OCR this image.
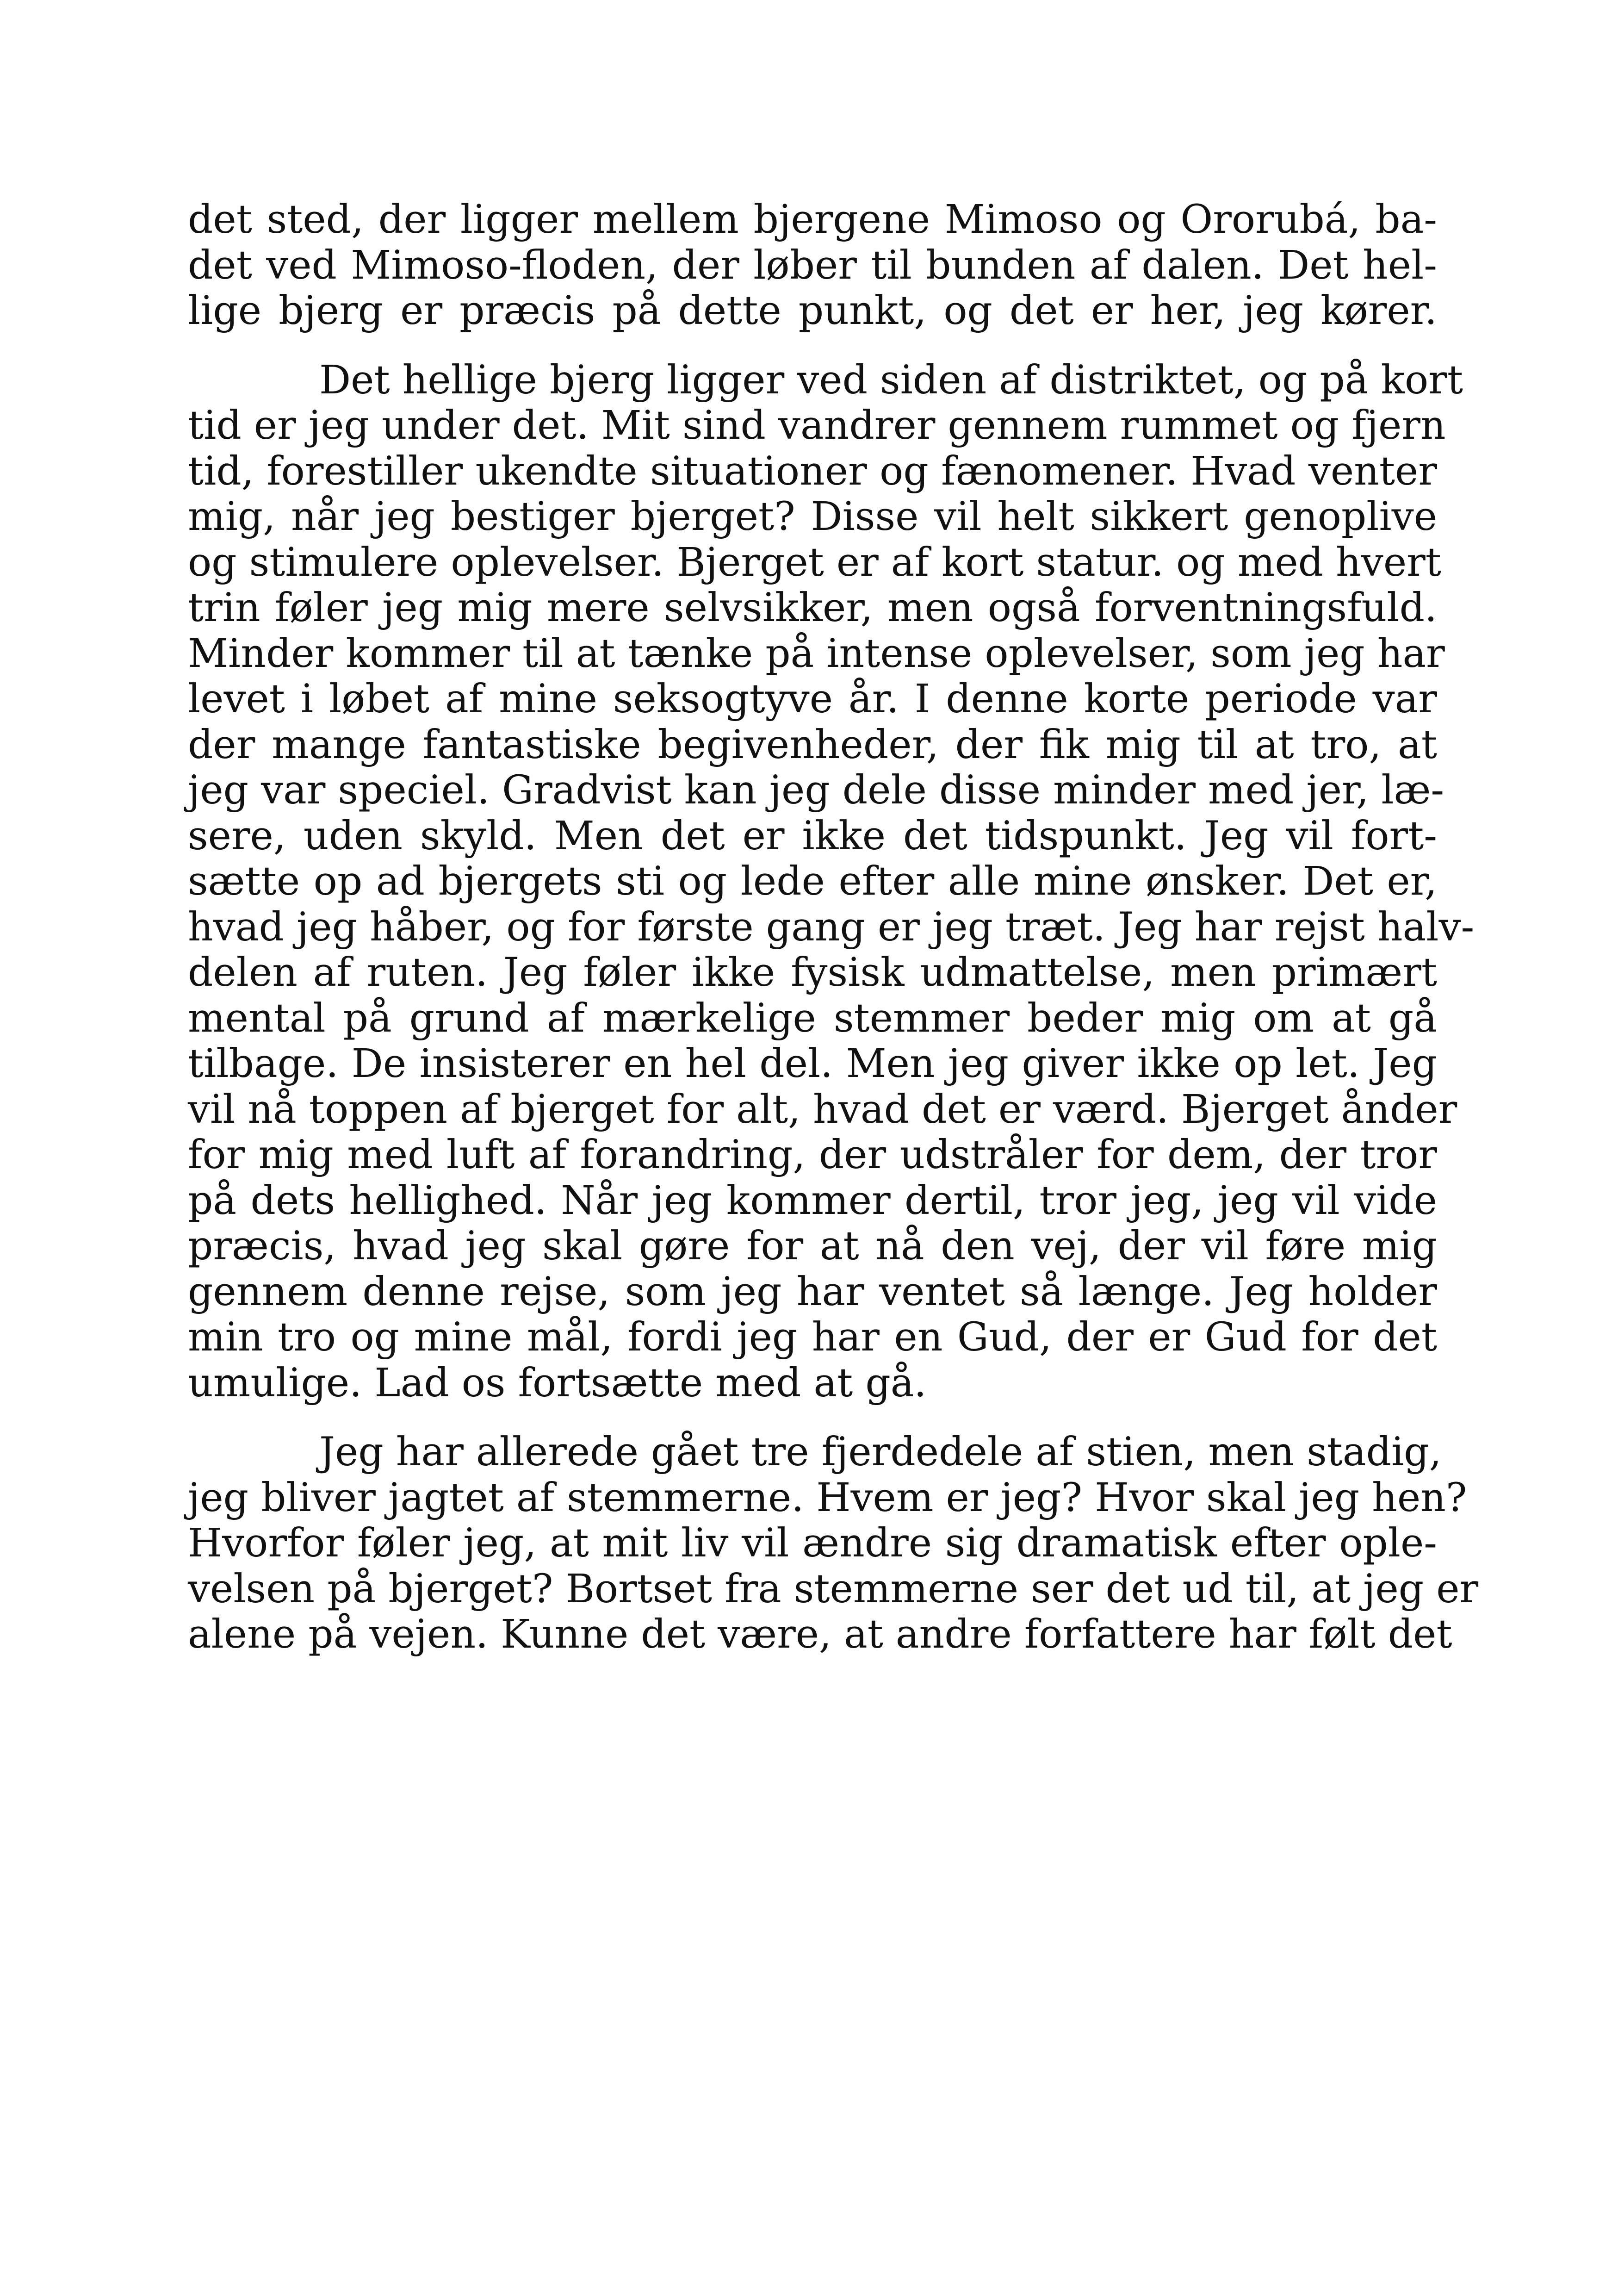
det sted, der ligger mellem bjergene Mimoso og Ororubá, ba-
det ved Mimoso-floden, der løber til bunden af dalen. Det hel-
lige bjerg er præcis på dette punkt, og det er her, jeg kører.
Det hellige bjerg ligger ved siden af distriktet, og på kort
tid er jeg under det. Mit sind vandrer gennem rummet og fjern
tid, forestiller ukendte situationer og fænomener. Hvad venter
mig, når jeg bestiger bjerget? Disse vil helt sikkert genoplive
og stimulere oplevelser. Bjerget er af kort statur. og med hvert
trin føler jeg mig mere selvsikker, men også forventningsfuld.
Minder kommer til at tænke på intense oplevelser, som jeg har
levet i løbet af mine seksogtyve år. I denne korte periode var
der mange fantastiske begivenheder, der fik mig til at tro, at
jeg var speciel. Gradvist kan jeg dele disse minder med jer, læ-
sere, uden skyld. Men det er ikke det tidspunkt. Jeg vil fort-
sætte op ad bjergets sti og lede efter alle mine ønsker. Det er,
hvad jeg håber, og for første gang er jeg træt. Jeg har rejst halv-
delen af ruten. Jeg føler ikke fysisk udmattelse, men primært
mental på grund af mærkelige stemmer beder mig om at gå
tilbage. De insisterer en hel del. Men jeg giver ikke op let. Jeg
vil nå toppen af bjerget for alt, hvad det er værd. Bjerget ånder
for mig med luft af forandring, der udstråler for dem, der tror
på dets hellighed. Når jeg kommer dertil, tror jeg, jeg vil vide
præcis, hvad jeg skal gøre for at nå den vej, der vil føre mig
gennem denne rejse, som jeg har ventet så længe. Jeg holder
min tro og mine mål, fordi jeg har en Gud, der er Gud for det
umulige. Lad os fortsætte med at gå.
Jeg har allerede gået tre fjerdedele af stien, men stadig,
jeg bliver jagtet af stemmerne. Hvem er jeg? Hvor skal jeg hen?
Hvorfor føler jeg, at mit liv vil ændre sig dramatisk efter ople-
velsen på bjerget? Bortset fra stemmerne ser det ud til, at jeg er
alene på vejen. Kunne det være, at andre forfattere har følt det
